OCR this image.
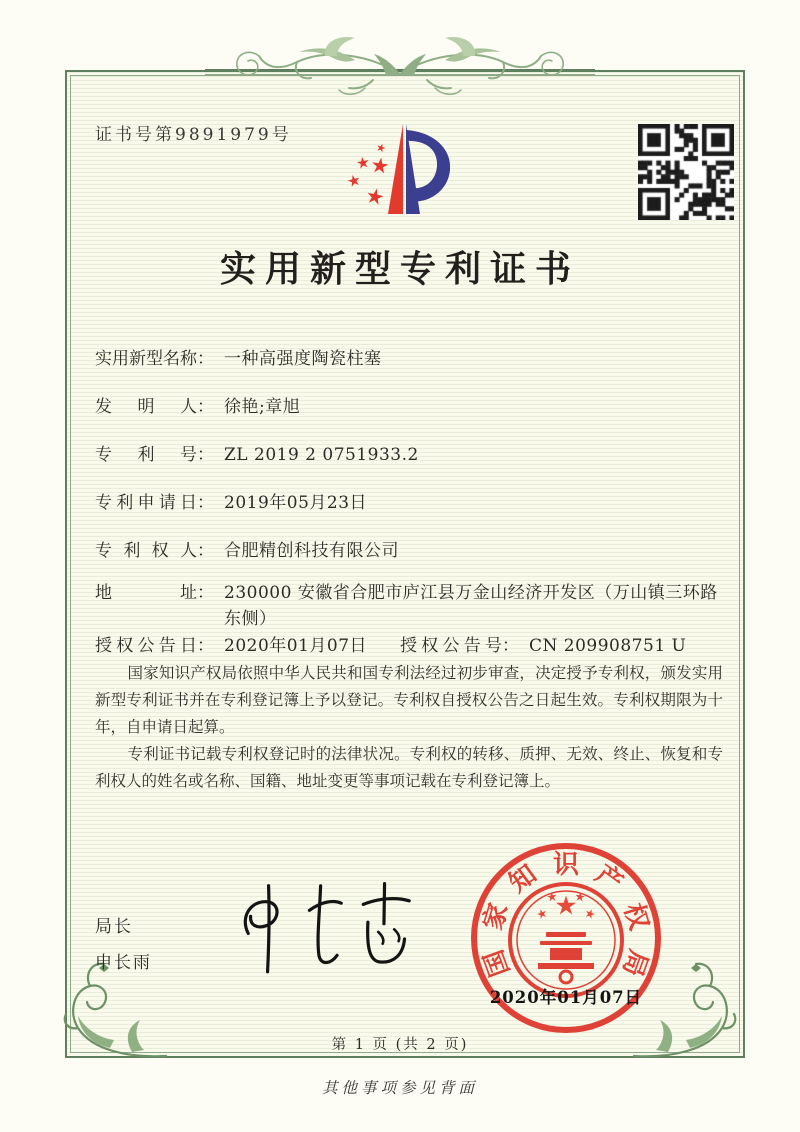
证书号第9891979号
实用新型专利证书
实用新型名称 ： 一种高强度陶瓷柱塞
发明人 ： 徐艳;章旭
专利号 ： ZL 2019 2 0751933.2
专利申请日 ： 2019年05月23日
专利权人 ： 合肥精创科技有限公司
地址 ： 230000 安徽省合肥市庐江县万金山经济开发区（万山镇三环路东侧）
授权公告日 ： 2020年01月07日 授权公告号 ： CN 209908751 U

国家知识产权局依照中华人民共和国专利法经过初步审查，决定授予专利权，颁发实用新型专利证书并在专利登记簿上予以登记。专利权自授权公告之日起生效。专利权期限为十年，自申请日起算。

专利证书记载专利权登记时的法律状况。专利权的转移、质押、无效、终止、恢复和专利权人的姓名或名称、国籍、地址变更等事项记载在专利登记簿上。

局长
申长雨	国
家
知 识 产
权
局
2020年01月07日
第 1 页 (共 2 页)
其他事项参见背面
